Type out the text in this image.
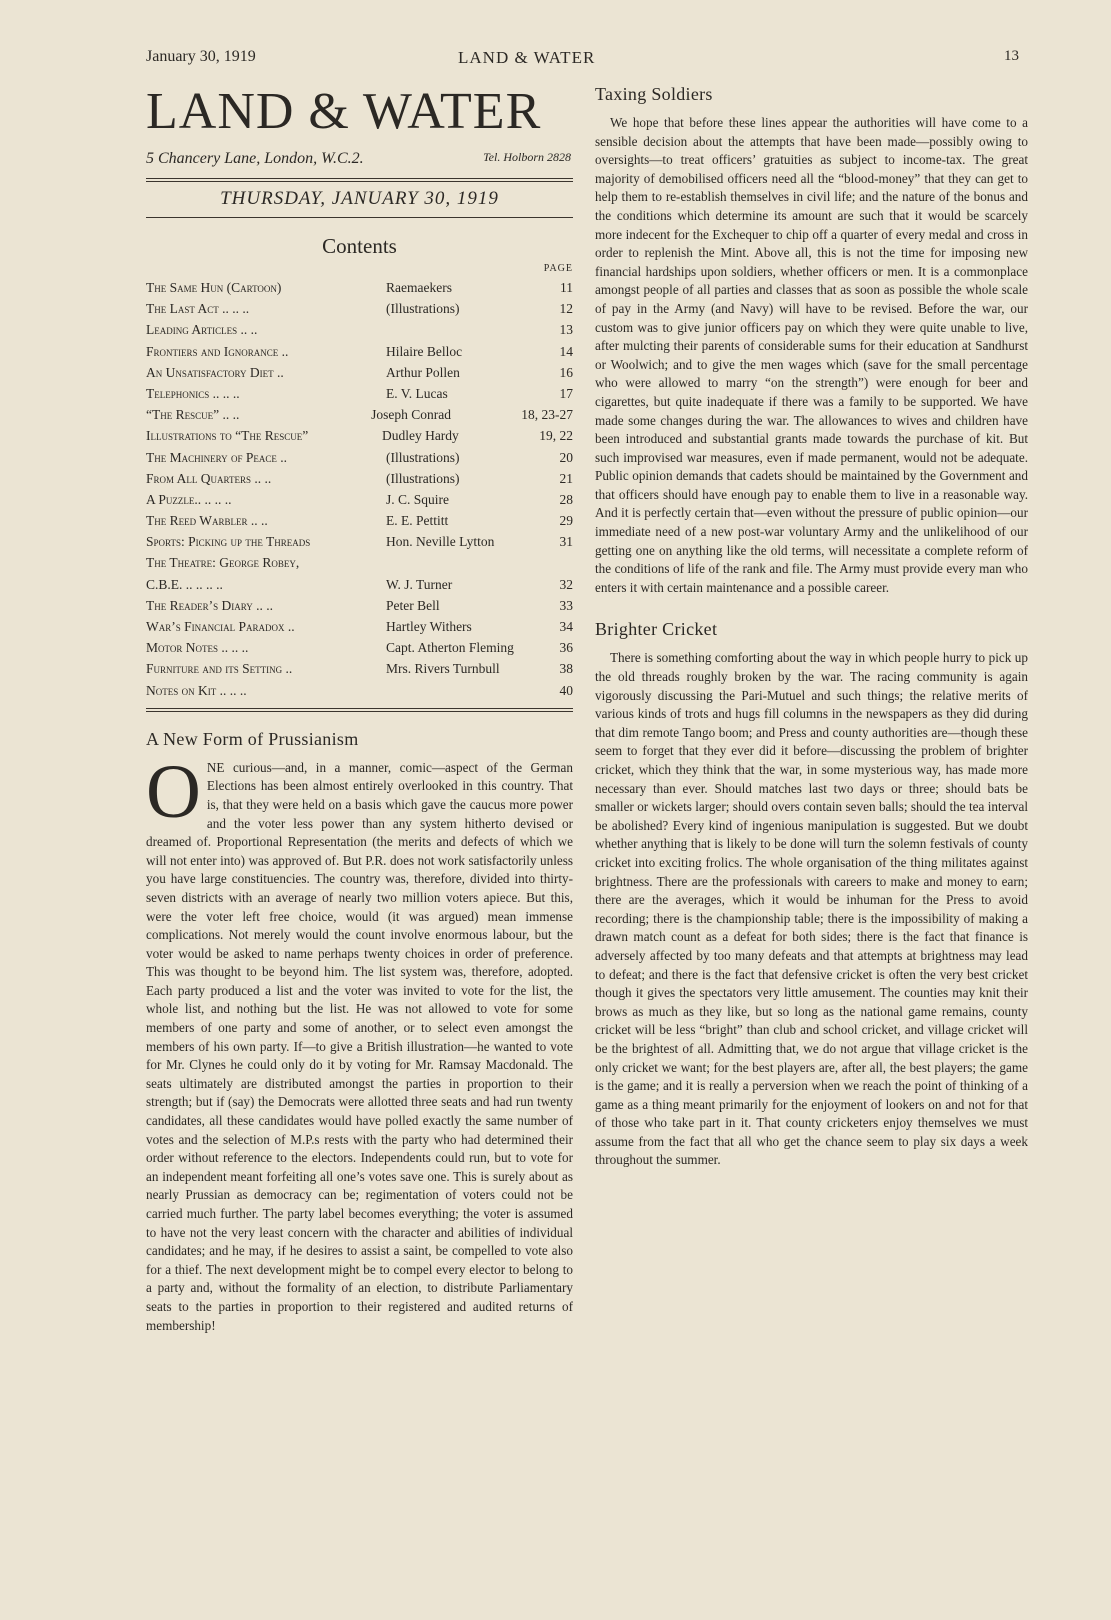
January 30, 1919	LAND & WATER	13
LAND & WATER
5 Chancery Lane, London, W.C.2.	Tel. Holborn 2828
THURSDAY, JANUARY 30, 1919
Contents
PAGE
The Same Hun (Cartoon)	Raemaekers	11
The Last Act .. .. ..	(Illustrations)	12
Leading Articles .. ..	13
Frontiers and Ignorance ..	Hilaire Belloc	14
An Unsatisfactory Diet ..	Arthur Pollen	16
Telephonics .. .. ..	E. V. Lucas	17
“The Rescue” .. ..	Joseph Conrad	18, 23-27
Illustrations to “The Rescue”	Dudley Hardy	19, 22
The Machinery of Peace ..	(Illustrations)	20
From All Quarters .. ..	(Illustrations)	21
A Puzzle.. .. .. ..	J. C. Squire	28
The Reed Warbler .. ..	E. E. Pettitt	29
Sports: Picking up the Threads	Hon. Neville Lytton	31
The Theatre: George Robey,
C.B.E. .. .. .. ..	W. J. Turner	32
The Reader’s Diary .. ..	Peter Bell	33
War’s Financial Paradox ..	Hartley Withers	34
Motor Notes .. .. ..	Capt. Atherton Fleming	36
Furniture and its Setting ..	Mrs. Rivers Turnbull	38
Notes on Kit .. .. ..	40
A New Form of Prussianism

ONE curious—and, in a manner, comic—aspect of the German Elections has been almost entirely overlooked in this country. That is, that they were held on a basis which gave the caucus more power and the voter less power than any system hitherto devised or dreamed of. Proportional Representation (the merits and defects of which we will not enter into) was approved of. But P.R. does not work satisfactorily unless you have large constituencies. The country was, therefore, divided into thirty-seven districts with an average of nearly two million voters apiece. But this, were the voter left free choice, would (it was argued) mean immense complications. Not merely would the count involve enormous labour, but the voter would be asked to name perhaps twenty choices in order of preference. This was thought to be beyond him. The list system was, therefore, adopted. Each party produced a list and the voter was invited to vote for the list, the whole list, and nothing but the list. He was not allowed to vote for some members of one party and some of another, or to select even amongst the members of his own party. If—to give a British illustration—he wanted to vote for Mr. Clynes he could only do it by voting for Mr. Ramsay Macdonald. The seats ultimately are distributed amongst the parties in proportion to their strength; but if (say) the Democrats were allotted three seats and had run twenty candidates, all these candidates would have polled exactly the same number of votes and the selection of M.P.s rests with the party who had determined their order without reference to the electors. Independents could run, but to vote for an independent meant forfeiting all one’s votes save one. This is surely about as nearly Prussian as democracy can be; regimentation of voters could not be carried much further. The party label becomes everything; the voter is assumed to have not the very least concern with the character and abilities of individual candidates; and he may, if he desires to assist a saint, be compelled to vote also for a thief. The next development might be to compel every elector to belong to a party and, without the formality of an election, to distribute Parliamentary seats to the parties in proportion to their registered and audited returns of membership!

Taxing Soldiers

We hope that before these lines appear the authorities will have come to a sensible decision about the attempts that have been made—possibly owing to oversights—to treat officers’ gratuities as subject to income-tax. The great majority of demobilised officers need all the “blood-money” that they can get to help them to re-establish themselves in civil life; and the nature of the bonus and the conditions which determine its amount are such that it would be scarcely more indecent for the Exchequer to chip off a quarter of every medal and cross in order to replenish the Mint. Above all, this is not the time for imposing new financial hardships upon soldiers, whether officers or men. It is a commonplace amongst people of all parties and classes that as soon as possible the whole scale of pay in the Army (and Navy) will have to be revised. Before the war, our custom was to give junior officers pay on which they were quite unable to live, after mulcting their parents of considerable sums for their education at Sandhurst or Woolwich; and to give the men wages which (save for the small percentage who were allowed to marry “on the strength”) were enough for beer and cigarettes, but quite inadequate if there was a family to be supported. We have made some changes during the war. The allowances to wives and children have been introduced and substantial grants made towards the purchase of kit. But such improvised war measures, even if made permanent, would not be adequate. Public opinion demands that cadets should be maintained by the Government and that officers should have enough pay to enable them to live in a reasonable way. And it is perfectly certain that—even without the pressure of public opinion—our immediate need of a new post-war voluntary Army and the unlikelihood of our getting one on anything like the old terms, will necessitate a complete reform of the conditions of life of the rank and file. The Army must provide every man who enters it with certain maintenance and a possible career.

Brighter Cricket

There is something comforting about the way in which people hurry to pick up the old threads roughly broken by the war. The racing community is again vigorously discussing the Pari-Mutuel and such things; the relative merits of various kinds of trots and hugs fill columns in the newspapers as they did during that dim remote Tango boom; and Press and county authorities are—though these seem to forget that they ever did it before—discussing the problem of brighter cricket, which they think that the war, in some mysterious way, has made more necessary than ever. Should matches last two days or three; should bats be smaller or wickets larger; should overs contain seven balls; should the tea interval be abolished? Every kind of ingenious manipulation is suggested. But we doubt whether anything that is likely to be done will turn the solemn festivals of county cricket into exciting frolics. The whole organisation of the thing militates against brightness. There are the professionals with careers to make and money to earn; there are the averages, which it would be inhuman for the Press to avoid recording; there is the championship table; there is the impossibility of making a drawn match count as a defeat for both sides; there is the fact that finance is adversely affected by too many defeats and that attempts at brightness may lead to defeat; and there is the fact that defensive cricket is often the very best cricket though it gives the spectators very little amusement. The counties may knit their brows as much as they like, but so long as the national game remains, county cricket will be less “bright” than club and school cricket, and village cricket will be the brightest of all. Admitting that, we do not argue that village cricket is the only cricket we want; for the best players are, after all, the best players; the game is the game; and it is really a perversion when we reach the point of thinking of a game as a thing meant primarily for the enjoyment of lookers on and not for that of those who take part in it. That county cricketers enjoy themselves we must assume from the fact that all who get the chance seem to play six days a week throughout the summer.
